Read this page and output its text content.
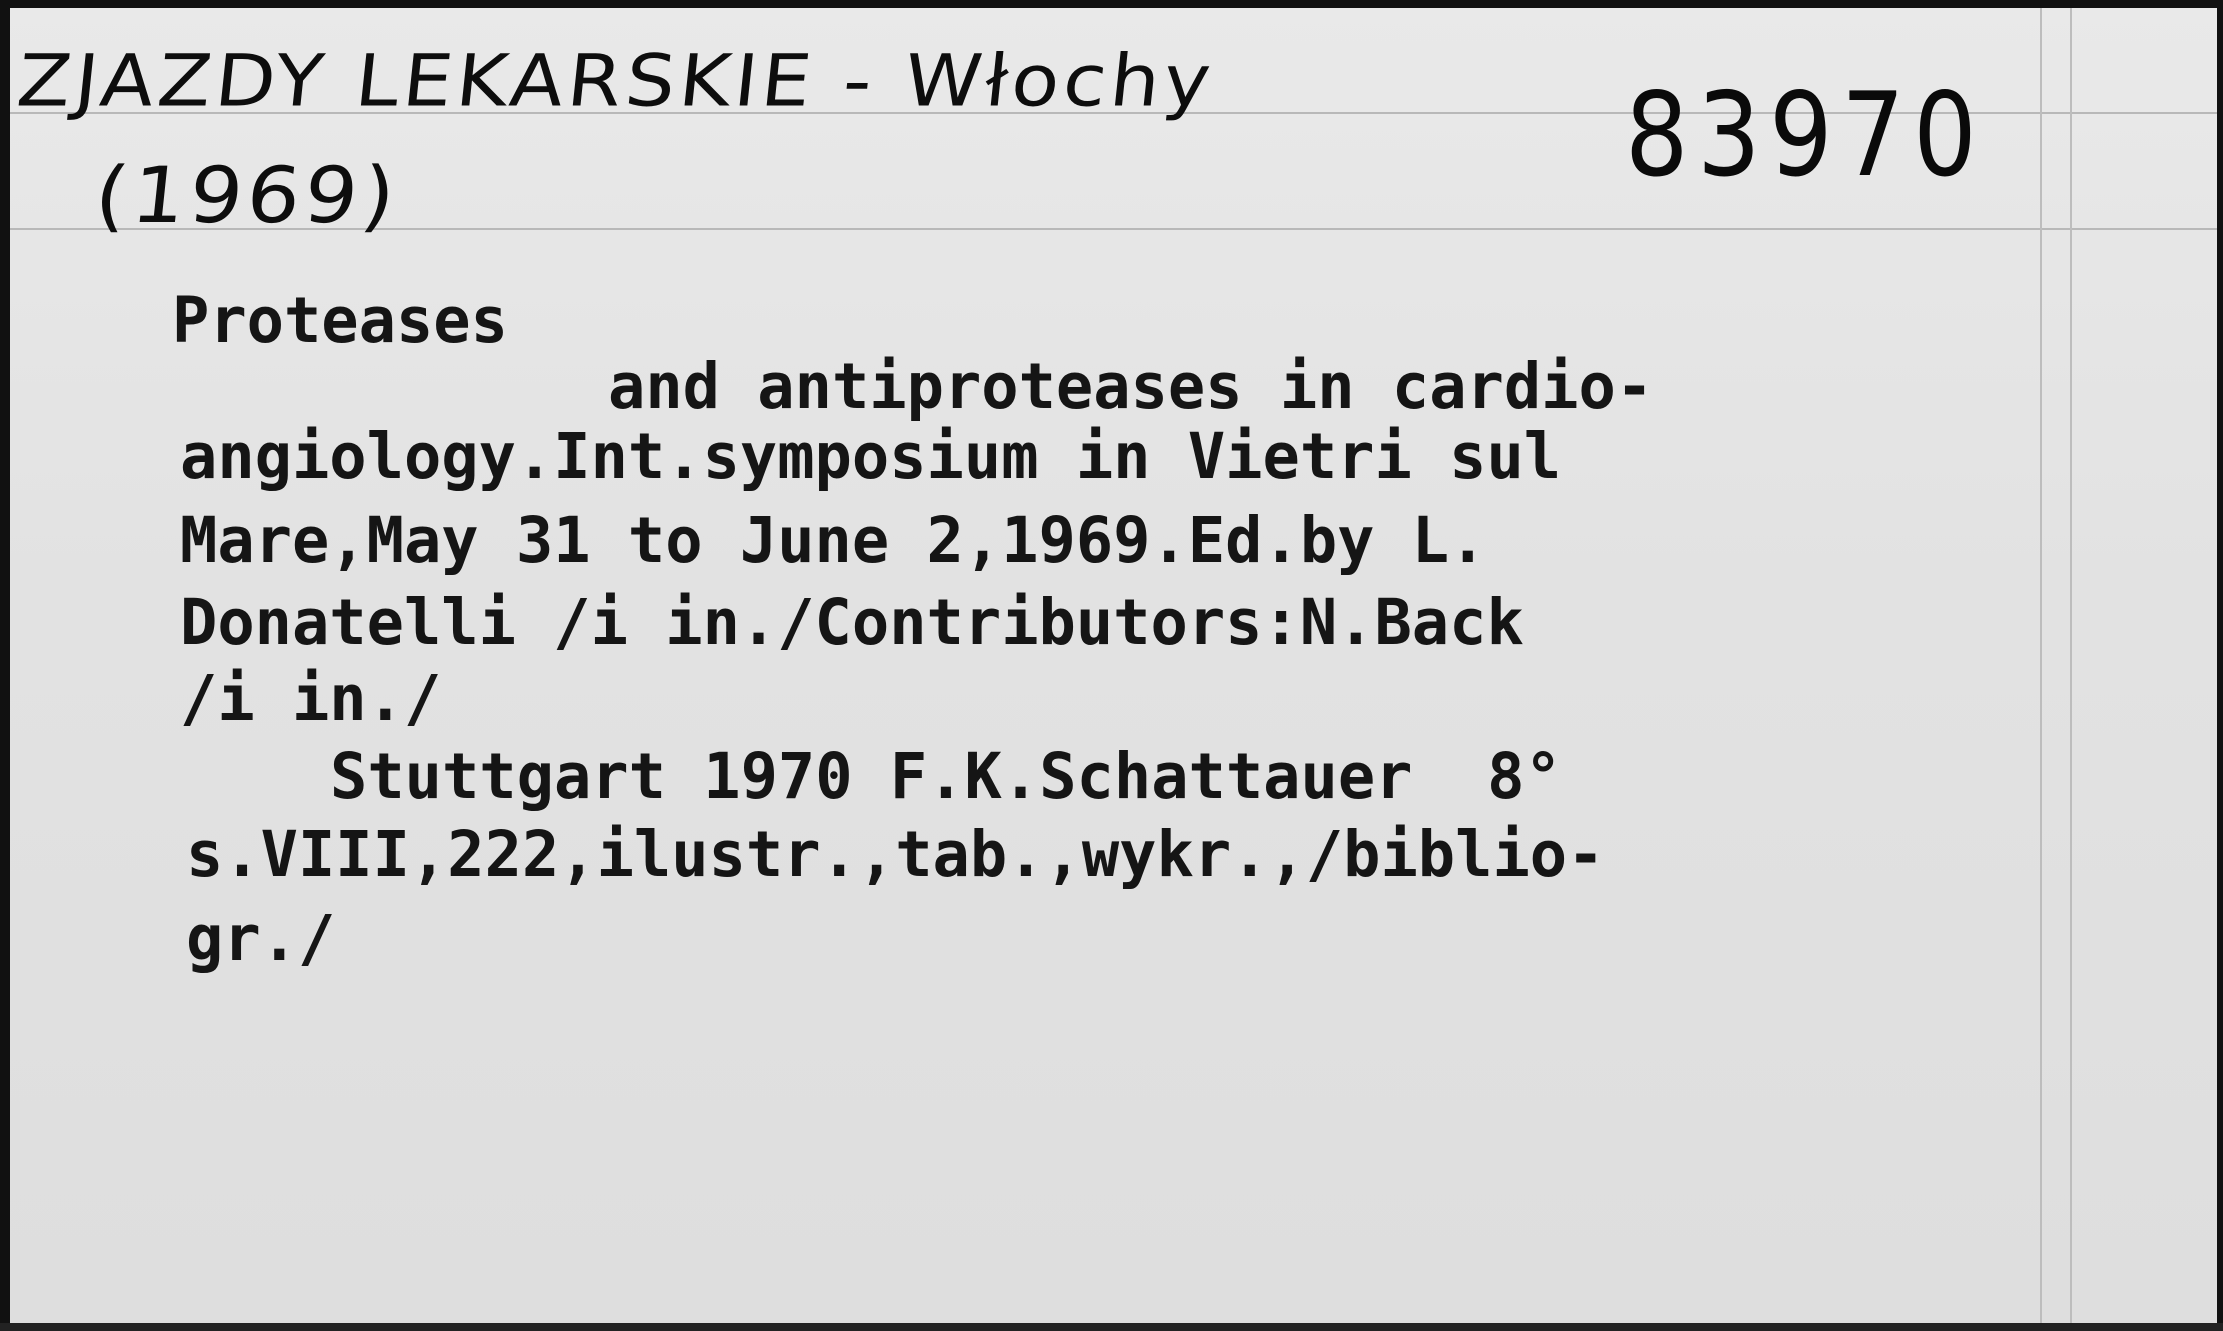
ZJAZDY LEKARSKIE - Włochy
(1969)	83970
Proteases
and antiproteases in cardio-
angiology.Int.symposium in Vietri sul
Mare,May 31 to June 2,1969.Ed.by L.
Donatelli /i in./Contributors:N.Back
/i in./
Stuttgart 1970 F.K.Schattauer  8°
s.VIII,222,ilustr.,tab.,wykr.,/biblio-
gr./
